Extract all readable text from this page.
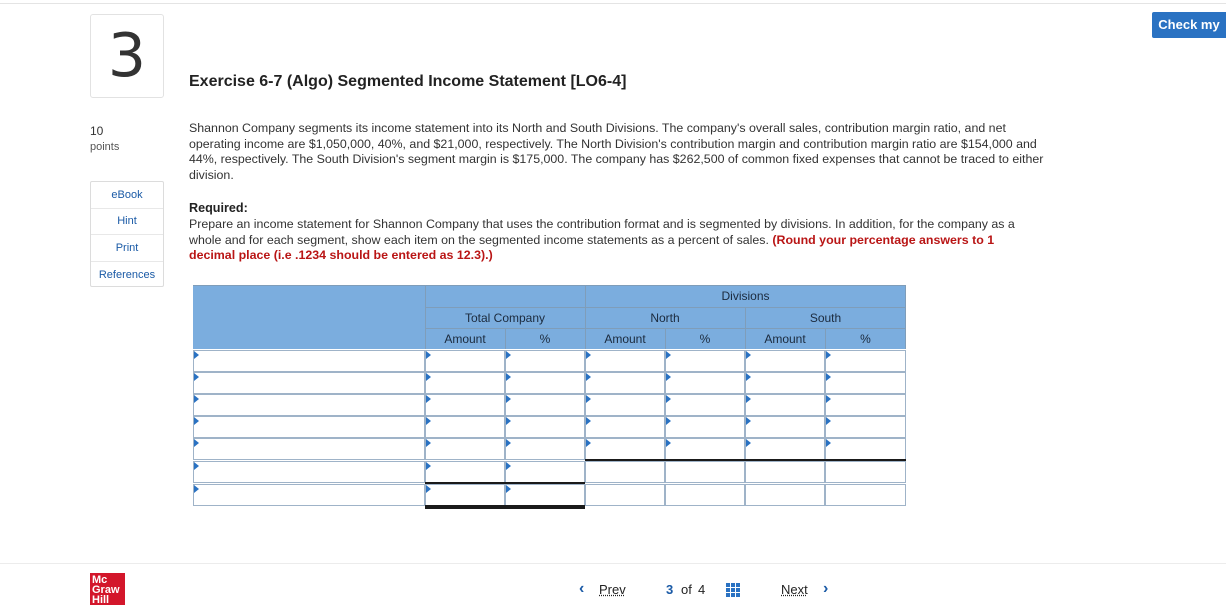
Check my
3
10
points
eBook
Hint
Print
References
Exercise 6-7 (Algo) Segmented Income Statement [LO6-4]
Shannon Company segments its income statement into its North and South Divisions. The company's overall sales, contribution margin ratio, and net operating income are $1,050,000, 40%, and $21,000, respectively. The North Division's contribution margin and contribution margin ratio are $154,000 and 44%, respectively. The South Division's segment margin is $175,000. The company has $262,500 of common fixed expenses that cannot be traced to either division.
Required:
Prepare an income statement for Shannon Company that uses the contribution format and is segmented by divisions. In addition, for the company as a whole and for each segment, show each item on the segmented income statements as a percent of sales. (Round your percentage answers to 1 decimal place (i.e .1234 should be entered as 12.3).)
Divisions
Total Company	North	South
Amount	%	Amount	%	Amount	%
Mc
Graw
Hill
‹ Prev	3 of 4	Next ›
